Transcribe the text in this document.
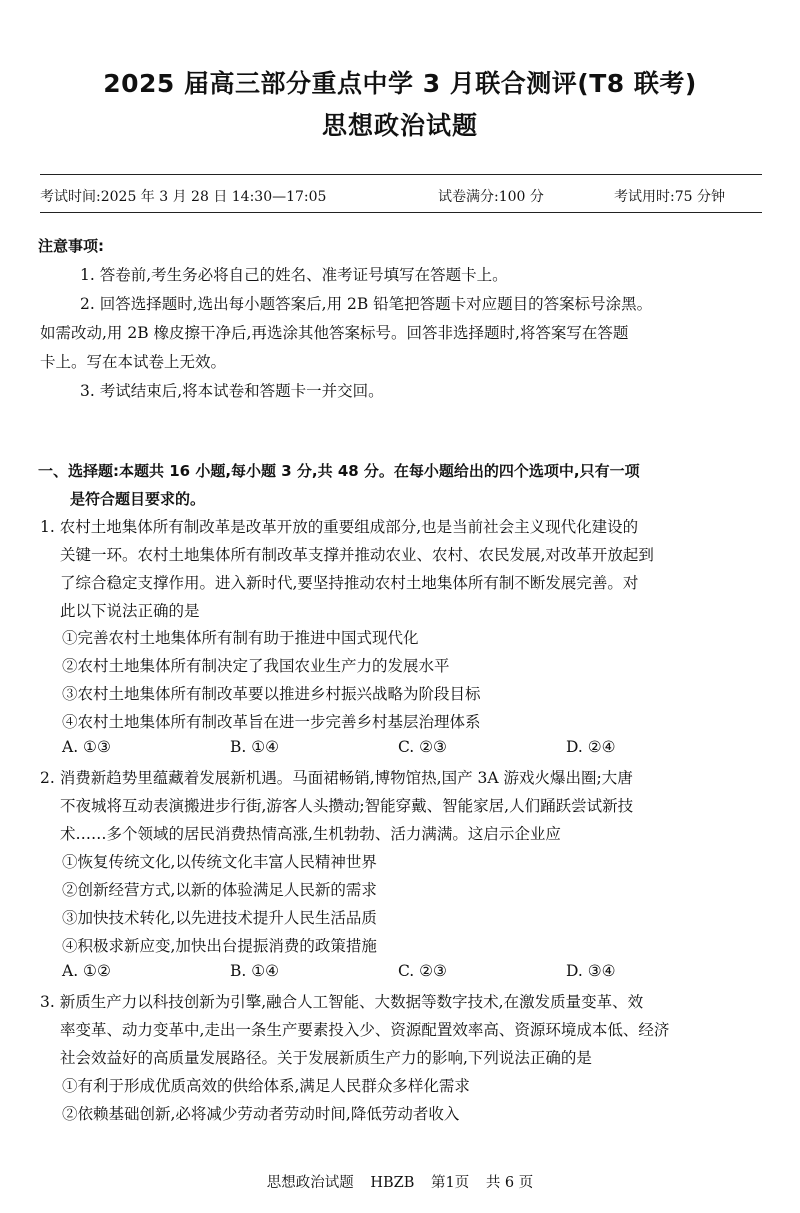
2025 届高三部分重点中学 3 月联合测评(T8 联考)
思想政治试题
考试时间:2025 年 3 月 28 日 14:30—17:05	试卷满分:100 分	考试用时:75 分钟
注意事项:
1. 答卷前,考生务必将自己的姓名、准考证号填写在答题卡上。
2. 回答选择题时,选出每小题答案后,用 2B 铅笔把答题卡对应题目的答案标号涂黑。
如需改动,用 2B 橡皮擦干净后,再选涂其他答案标号。回答非选择题时,将答案写在答题
卡上。写在本试卷上无效。
3. 考试结束后,将本试卷和答题卡一并交回。
一、选择题:本题共 16 小题,每小题 3 分,共 48 分。在每小题给出的四个选项中,只有一项
是符合题目要求的。
1. 农村土地集体所有制改革是改革开放的重要组成部分,也是当前社会主义现代化建设的
关键一环。农村土地集体所有制改革支撑并推动农业、农村、农民发展,对改革开放起到
了综合稳定支撑作用。进入新时代,要坚持推动农村土地集体所有制不断发展完善。对
此以下说法正确的是
①完善农村土地集体所有制有助于推进中国式现代化
②农村土地集体所有制决定了我国农业生产力的发展水平
③农村土地集体所有制改革要以推进乡村振兴战略为阶段目标
④农村土地集体所有制改革旨在进一步完善乡村基层治理体系
A. ①③	B. ①④	C. ②③	D. ②④
2. 消费新趋势里蕴藏着发展新机遇。马面裙畅销,博物馆热,国产 3A 游戏火爆出圈;大唐
不夜城将互动表演搬进步行街,游客人头攒动;智能穿戴、智能家居,人们踊跃尝试新技
术……多个领域的居民消费热情高涨,生机勃勃、活力满满。这启示企业应
①恢复传统文化,以传统文化丰富人民精神世界
②创新经营方式,以新的体验满足人民新的需求
③加快技术转化,以先进技术提升人民生活品质
④积极求新应变,加快出台提振消费的政策措施
A. ①②	B. ①④	C. ②③	D. ③④
3. 新质生产力以科技创新为引擎,融合人工智能、大数据等数字技术,在激发质量变革、效
率变革、动力变革中,走出一条生产要素投入少、资源配置效率高、资源环境成本低、经济
社会效益好的高质量发展路径。关于发展新质生产力的影响,下列说法正确的是
①有利于形成优质高效的供给体系,满足人民群众多样化需求
②依赖基础创新,必将减少劳动者劳动时间,降低劳动者收入
思想政治试题 HBZB 第1页 共 6 页
